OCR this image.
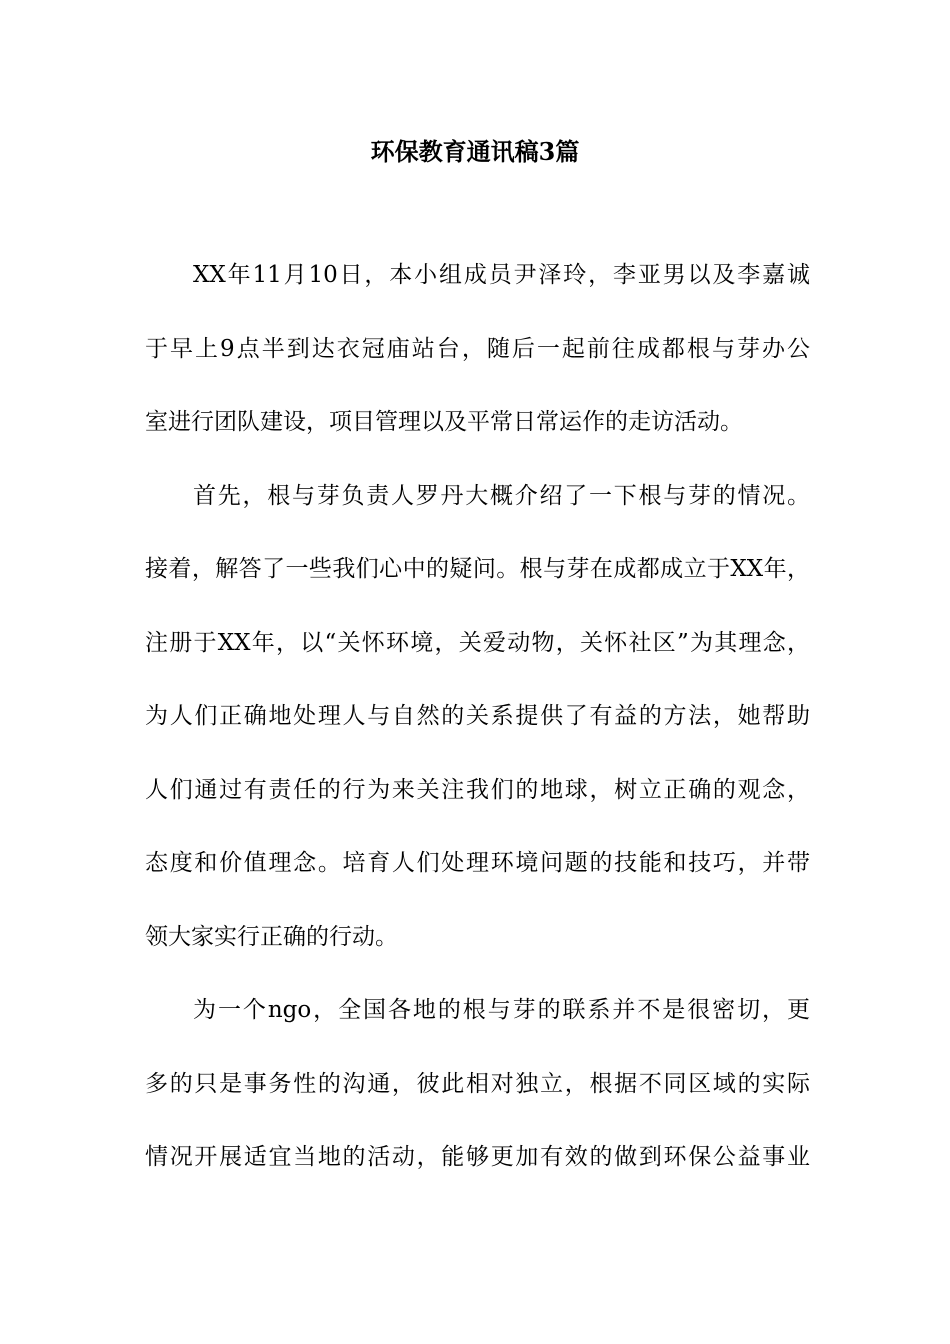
环保教育通讯稿3篇
XX年11月10日，本小组成员尹泽玲，李亚男以及李嘉诚
于早上9点半到达衣冠庙站台，随后一起前往成都根与芽办公
室进行团队建设，项目管理以及平常日常运作的走访活动。
首先，根与芽负责人罗丹大概介绍了一下根与芽的情况。
接着，解答了一些我们心中的疑问。根与芽在成都成立于XX年，
注册于XX年，以“关怀环境，关爱动物，关怀社区”为其理念，
为人们正确地处理人与自然的关系提供了有益的方法，她帮助
人们通过有责任的行为来关注我们的地球，树立正确的观念，
态度和价值理念。培育人们处理环境问题的技能和技巧，并带
领大家实行正确的行动。
为一个ngo，全国各地的根与芽的联系并不是很密切，更
多的只是事务性的沟通，彼此相对独立，根据不同区域的实际
情况开展适宜当地的活动，能够更加有效的做到环保公益事业
